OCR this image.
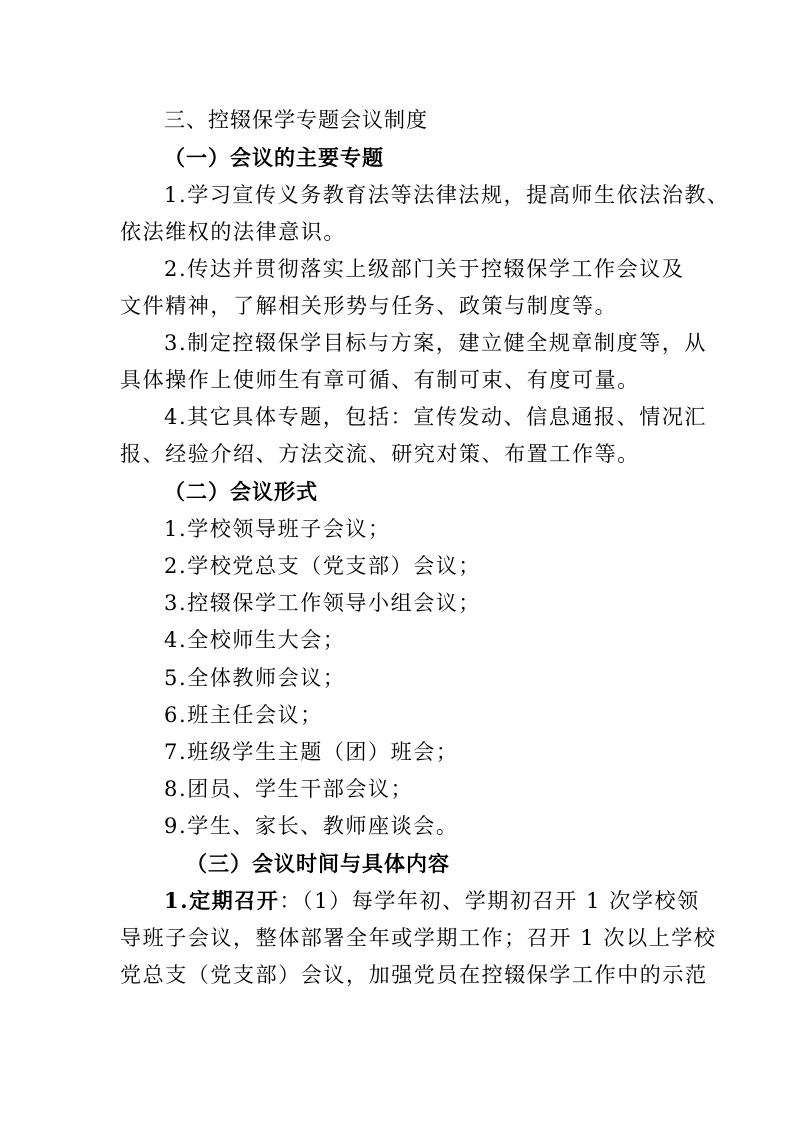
三、控辍保学专题会议制度
（一）会议的主要专题
1.学习宣传义务教育法等法律法规，提高师生依法治教、
依法维权的法律意识。
2.传达并贯彻落实上级部门关于控辍保学工作会议及
文件精神，了解相关形势与任务、政策与制度等。
3.制定控辍保学目标与方案，建立健全规章制度等，从
具体操作上使师生有章可循、有制可束、有度可量。
4.其它具体专题，包括：宣传发动、信息通报、情况汇
报、经验介绍、方法交流、研究对策、布置工作等。
（二）会议形式
1.学校领导班子会议；
2.学校党总支（党支部）会议；
3.控辍保学工作领导小组会议；
4.全校师生大会；
5.全体教师会议；
6.班主任会议；
7.班级学生主题（团）班会；
8.团员、学生干部会议；
9.学生、家长、教师座谈会。
（三）会议时间与具体内容
1.定期召开：（1）每学年初、学期初召开 1 次学校领
导班子会议，整体部署全年或学期工作；召开 1 次以上学校
党总支（党支部）会议，加强党员在控辍保学工作中的示范
